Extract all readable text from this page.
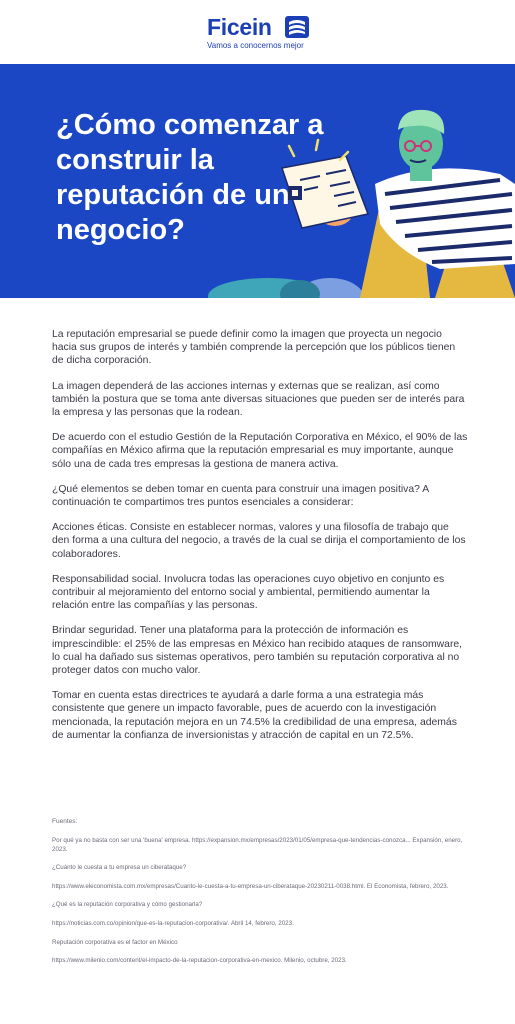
Ficein
Vamos a conocernos mejor
¿Cómo comenzar a construir la reputación de un negocio?

La reputación empresarial se puede definir como la imagen que proyecta un negocio hacia sus grupos de interés y también comprende la percepción que los públicos tienen de dicha corporación.

La imagen dependerá de las acciones internas y externas que se realizan, así como también la postura que se toma ante diversas situaciones que pueden ser de interés para la empresa y las personas que la rodean.

De acuerdo con el estudio Gestión de la Reputación Corporativa en México, el 90% de las compañías en México afirma que la reputación empresarial es muy importante, aunque sólo una de cada tres empresas la gestiona de manera activa.

¿Qué elementos se deben tomar en cuenta para construir una imagen positiva? A continuación te compartimos tres puntos esenciales a considerar:

Acciones éticas. Consiste en establecer normas, valores y una filosofía de trabajo que den forma a una cultura del negocio, a través de la cual se dirija el comportamiento de los colaboradores.

Responsabilidad social. Involucra todas las operaciones cuyo objetivo en conjunto es contribuir al mejoramiento del entorno social y ambiental, permitiendo aumentar la relación entre las compañías y las personas.

Brindar seguridad. Tener una plataforma para la protección de información es imprescindible: el 25% de las empresas en México han recibido ataques de ransomware, lo cual ha dañado sus sistemas operativos, pero también su reputación corporativa al no proteger datos con mucho valor.

Tomar en cuenta estas directrices te ayudará a darle forma a una estrategia más consistente que genere un impacto favorable, pues de acuerdo con la investigación mencionada, la reputación mejora en un 74.5% la credibilidad de una empresa, además de aumentar la confianza de inversionistas y atracción de capital en un 72.5%.

Fuentes:

Por qué ya no basta con ser una 'buena' empresa. https://expansion.mx/empresas/2023/01/05/empresa-que-tendencias-conozca... Expansión, enero, 2023.

¿Cuánto le cuesta a tu empresa un ciberataque?

https://www.eleconomista.com.mx/empresas/Cuanto-le-cuesta-a-tu-empresa-un-ciberataque-20230211-0038.html. El Economista, febrero, 2023.

¿Qué es la reputación corporativa y cómo gestionarla?

https://noticias.com.co/opinion/que-es-la-reputacion-corporativa/. Abril 14, febrero, 2023.

Reputación corporativa es el factor en México

https://www.milenio.com/content/el-impacto-de-la-reputacion-corporativa-en-mexico. Milenio, octubre, 2023.
